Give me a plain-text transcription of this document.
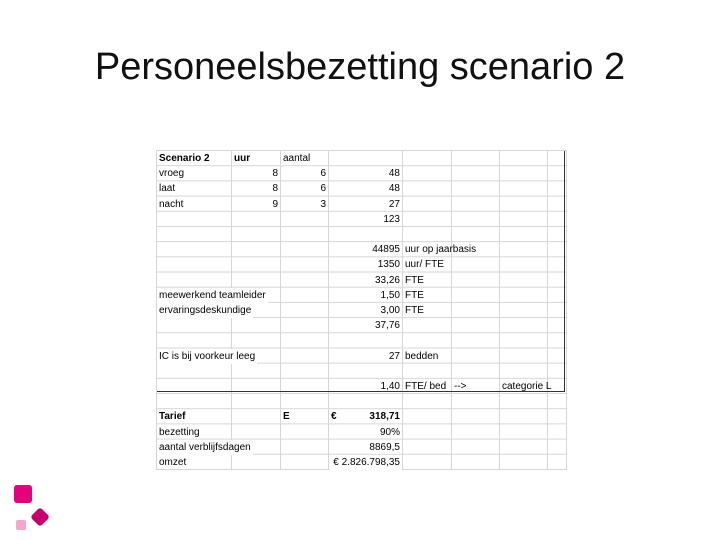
Personeelsbezetting scenario 2
Scenario 2	uur	aantal
vroeg	8	6	48
laat	8	6	48
nacht	9	3	27
123
44895 uur op jaarbasis
1350 uur/ FTE
33,26 FTE
meewerkend teamleider	1,50 FTE
ervaringsdeskundige	3,00 FTE
37,76
IC is bij voorkeur leeg	27 bedden
1,40 FTE/ bed -->	categorie L
Tarief	E	€	318,71
bezetting	90%
aantal verblijfsdagen	8869,5
omzet	€ 2.826.798,35
